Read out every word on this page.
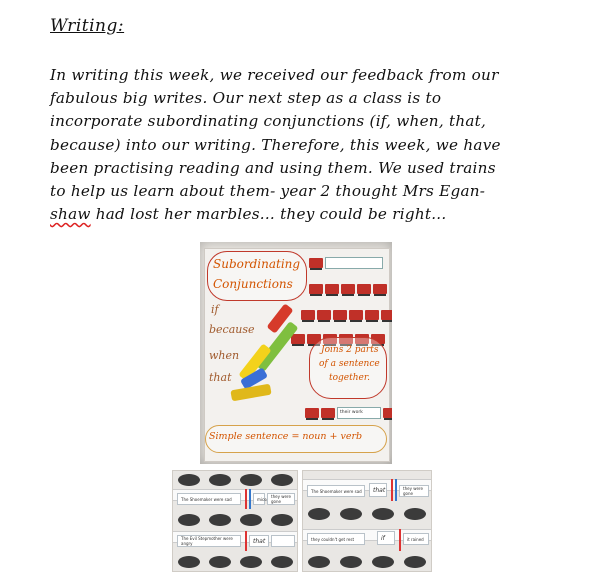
Writing:
In writing this week, we received our feedback from our
fabulous big writes. Our next step as a class is to
incorporate subordinating conjunctions (if, when, that,
because) into our writing. Therefore, this week, we have
been practising reading and using them. We used trains
to help us learn about them- year 2 thought Mrs Egan-
shaw had lost her marbles... they could be right...
Subordinating
Conjunctions
if
because
when
that
Joins 2 parts
of a sentence
together.
their work
Simple sentence = noun + verb
The Shoemaker were sad	mice	they were gone
The Evil Stepmother were angry	that
The Shoemaker were sad	that	they were gone
they couldn't get rest	if	it rained
